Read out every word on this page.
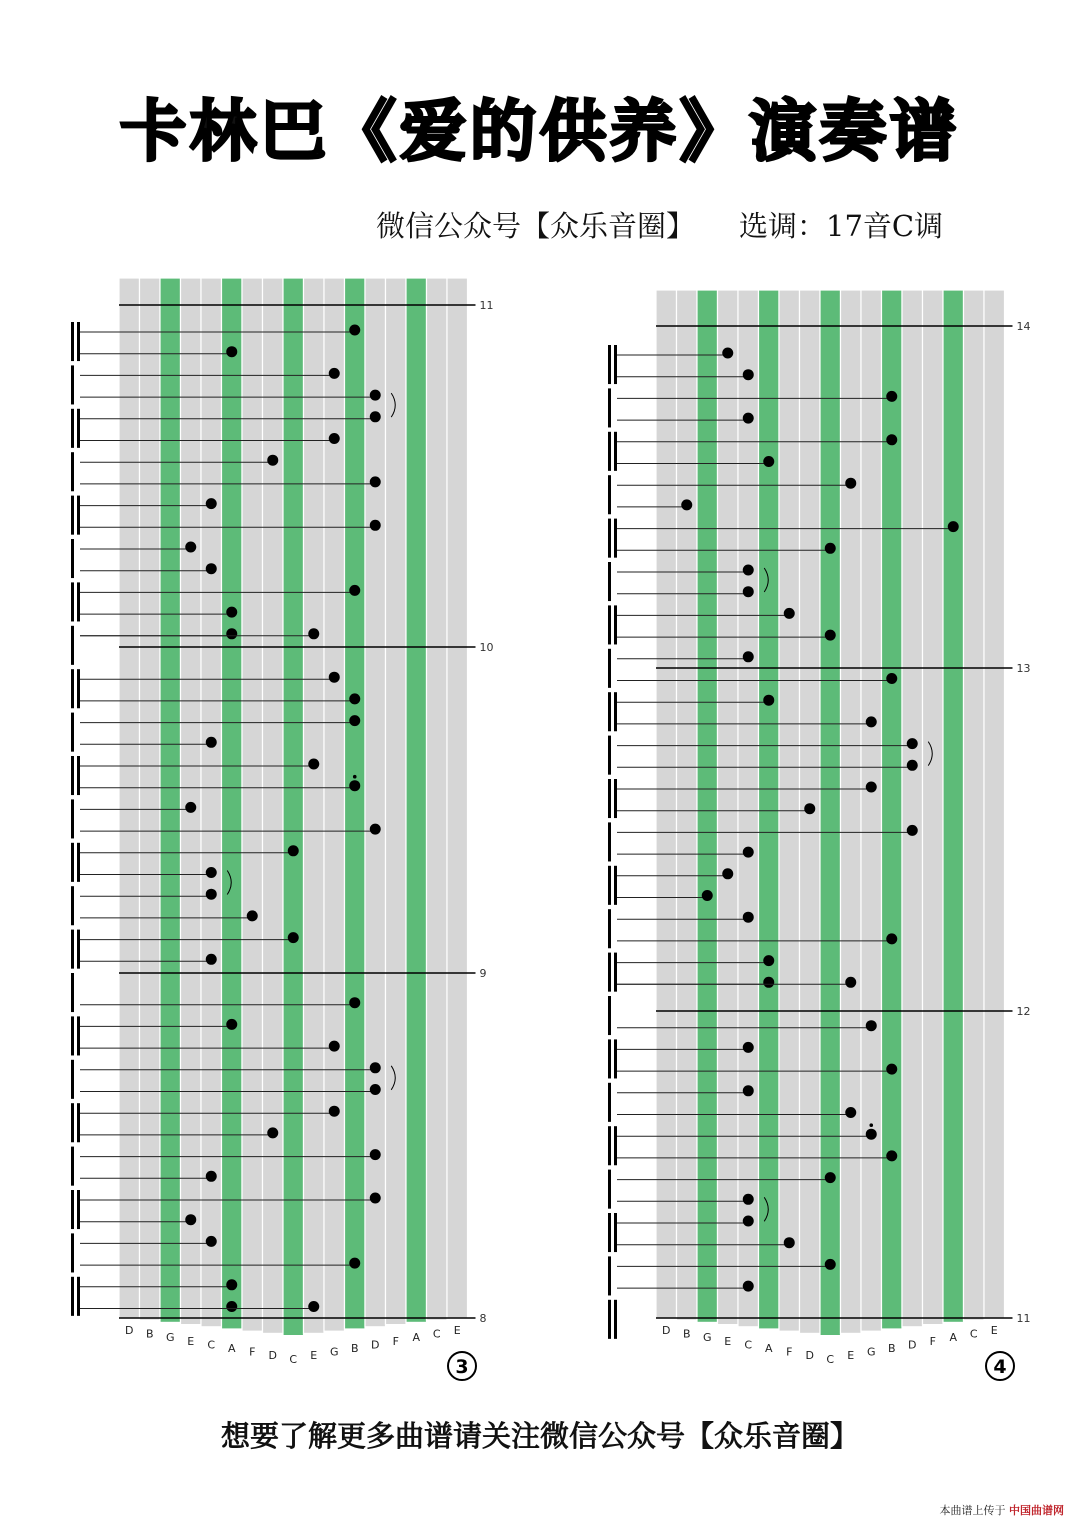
卡林巴《爱的供养》演奏谱
微信公众号【众乐音圈】 选调：17音C调
11
10
9
8
D B G E C A F D C E G B D F A C E
3
14
13
12
11
D B G E C A F D C E G B D F A C E
4
想要了解更多曲谱请关注微信公众号【众乐音圈】
本曲谱上传于 中国曲谱网
